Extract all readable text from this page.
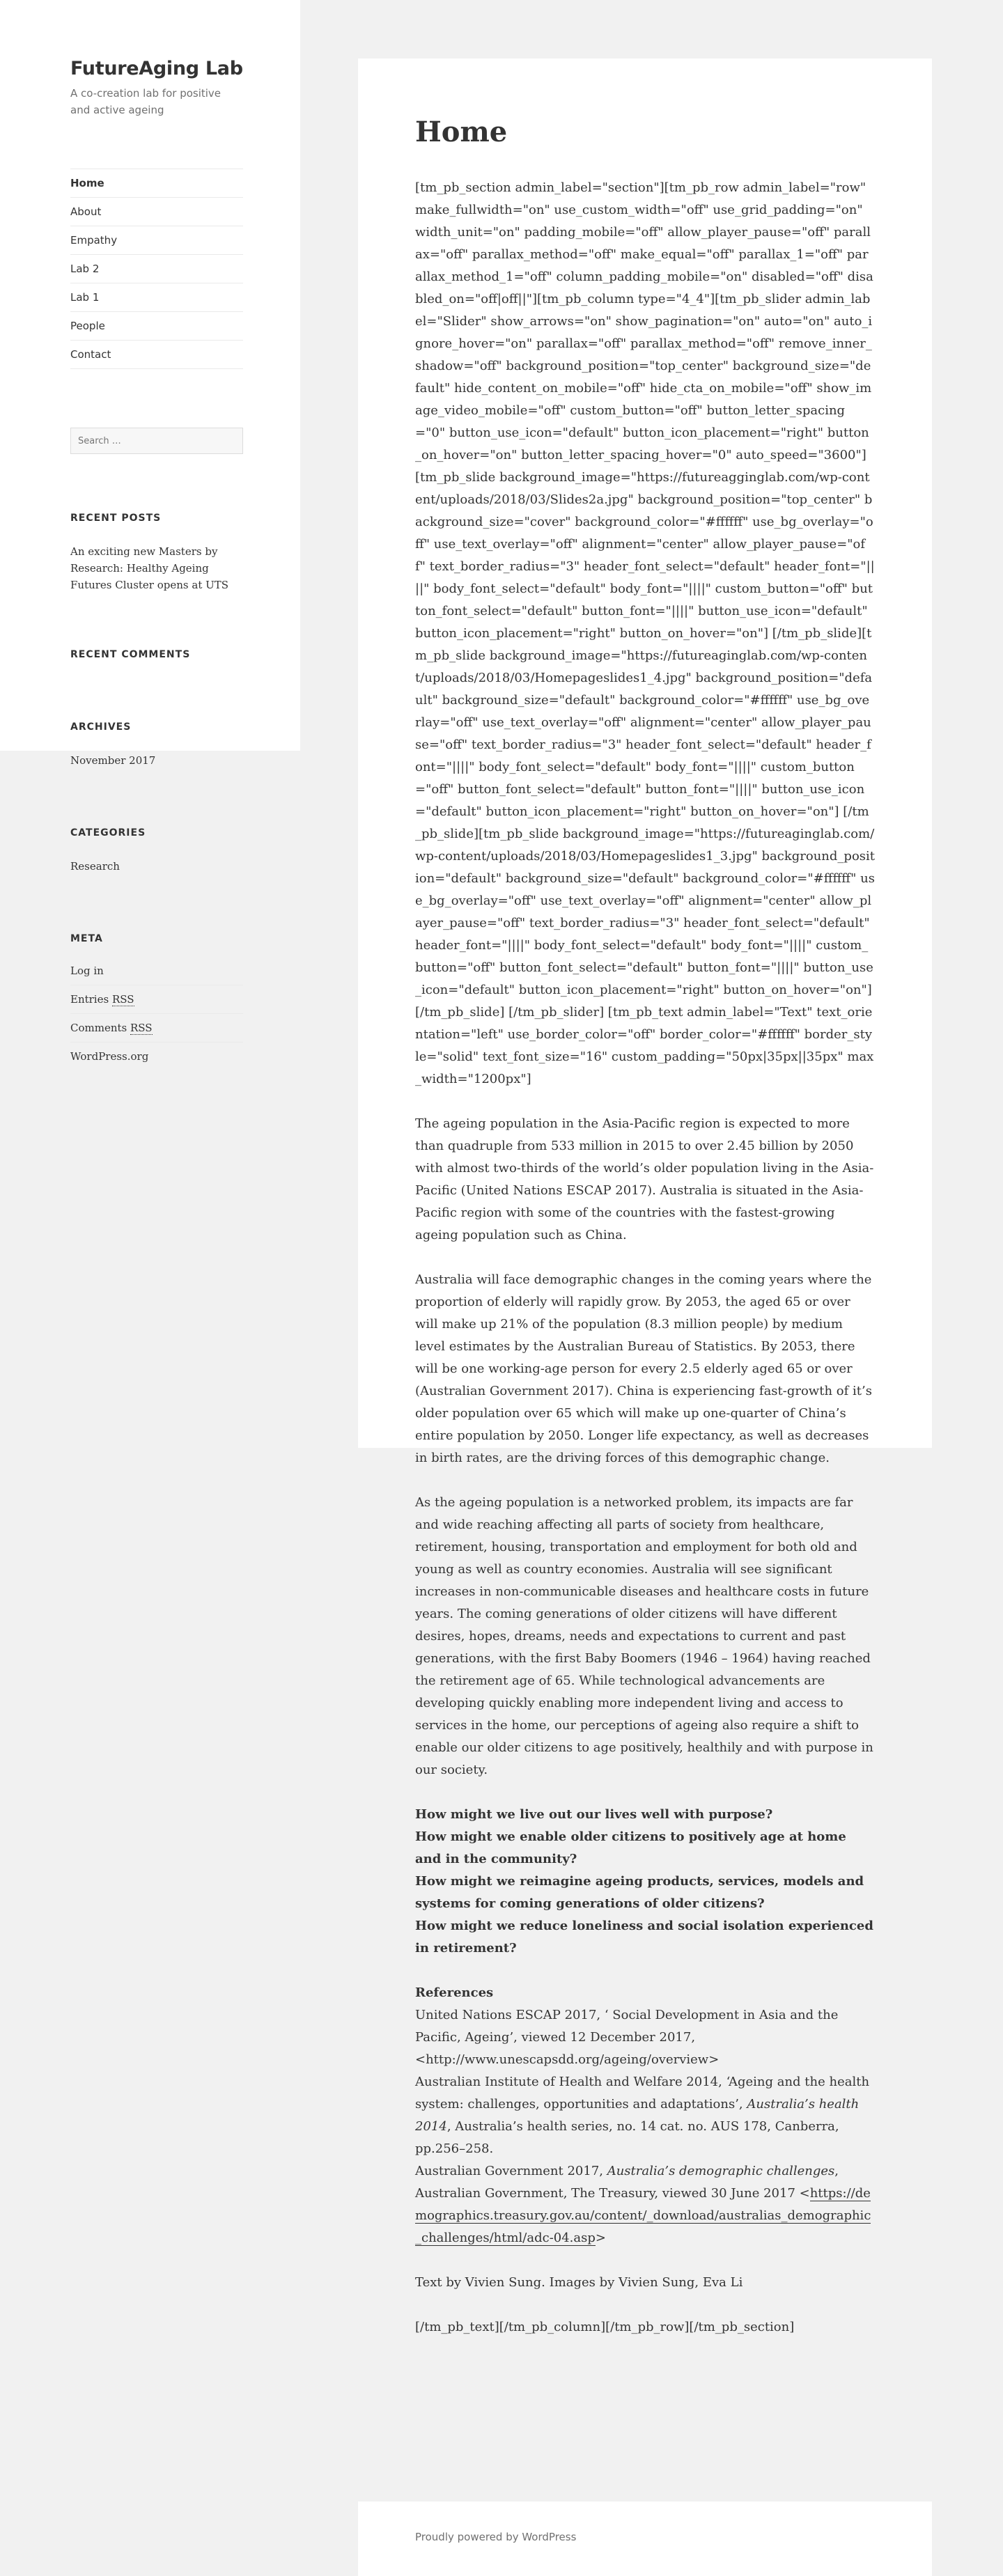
FutureAging Lab
A co-creation lab for positive and active ageing
Home
About
Empathy
Lab 2
Lab 1
People
Contact
Search …
RECENT POSTS
An exciting new Masters by Research: Healthy Ageing Futures Cluster opens at UTS
RECENT COMMENTS
ARCHIVES
November 2017
CATEGORIES
Research
META
Log in
Entries RSS
Comments RSS
WordPress.org
Home

[tm_pb_section admin_label="section"][tm_pb_row admin_label="row" make_fullwidth="on" use_custom_width="off" use_grid_padding="on" width_unit="on" padding_mobile="off" allow_player_pause="off" parallax="off" parallax_method="off" make_equal="off" parallax_1="off" parallax_method_1="off" column_padding_mobile="on" disabled="off" disabled_on="off|off||"][tm_pb_column type="4_4"][tm_pb_slider admin_label="Slider" show_arrows="on" show_pagination="on" auto="on" auto_ignore_hover="on" parallax="off" parallax_method="off" remove_inner_shadow="off" background_position="top_center" background_size="default" hide_content_on_mobile="off" hide_cta_on_mobile="off" show_image_video_mobile="off" custom_button="off" button_letter_spacing="0" button_use_icon="default" button_icon_placement="right" button_on_hover="on" button_letter_spacing_hover="0" auto_speed="3600"] [tm_pb_slide background_image="https://futureagginglab.com/wp-content/uploads/2018/03/Slides2a.jpg" background_position="top_center" background_size="cover" background_color="#ffffff" use_bg_overlay="off" use_text_overlay="off" alignment="center" allow_player_pause="off" text_border_radius="3" header_font_select="default" header_font="||||" body_font_select="default" body_font="||||" custom_button="off" button_font_select="default" button_font="||||" button_use_icon="default" button_icon_placement="right" button_on_hover="on"] [/tm_pb_slide][tm_pb_slide background_image="https://futureaginglab.com/wp-content/uploads/2018/03/Homepageslides1_4.jpg" background_position="default" background_size="default" background_color="#ffffff" use_bg_overlay="off" use_text_overlay="off" alignment="center" allow_player_pause="off" text_border_radius="3" header_font_select="default" header_font="||||" body_font_select="default" body_font="||||" custom_button="off" button_font_select="default" button_font="||||" button_use_icon="default" button_icon_placement="right" button_on_hover="on"] [/tm_pb_slide][tm_pb_slide background_image="https://futureaginglab.com/wp-content/uploads/2018/03/Homepageslides1_3.jpg" background_position="default" background_size="default" background_color="#ffffff" use_bg_overlay="off" use_text_overlay="off" alignment="center" allow_player_pause="off" text_border_radius="3" header_font_select="default" header_font="||||" body_font_select="default" body_font="||||" custom_button="off" button_font_select="default" button_font="||||" button_use_icon="default" button_icon_placement="right" button_on_hover="on"] [/tm_pb_slide] [/tm_pb_slider] [tm_pb_text admin_label="Text" text_orientation="left" use_border_color="off" border_color="#ffffff" border_style="solid" text_font_size="16" custom_padding="50px|35px||35px" max_width="1200px"]

The ageing population in the Asia-Pacific region is expected to more than quadruple from 533 million in 2015 to over 2.45 billion by 2050 with almost two-thirds of the world’s older population living in the Asia-Pacific (United Nations ESCAP 2017). Australia is situated in the Asia-Pacific region with some of the countries with the fastest-growing ageing population such as China.

Australia will face demographic changes in the coming years where the proportion of elderly will rapidly grow. By 2053, the aged 65 or over will make up 21% of the population (8.3 million people) by medium level estimates by the Australian Bureau of Statistics. By 2053, there will be one working-age person for every 2.5 elderly aged 65 or over (Australian Government 2017). China is experiencing fast-growth of it’s older population over 65 which will make up one-quarter of China’s entire population by 2050. Longer life expectancy, as well as decreases in birth rates, are the driving forces of this demographic change.

As the ageing population is a networked problem, its impacts are far and wide reaching affecting all parts of society from healthcare, retirement, housing, transportation and employment for both old and young as well as country economies. Australia will see significant increases in non-communicable diseases and healthcare costs in future years. The coming generations of older citizens will have different desires, hopes, dreams, needs and expectations to current and past generations, with the first Baby Boomers (1946 – 1964) having reached the retirement age of 65. While technological advancements are developing quickly enabling more independent living and access to services in the home, our perceptions of ageing also require a shift to enable our older citizens to age positively, healthily and with purpose in our society.

How might we live out our lives well with purpose?
How might we enable older citizens to positively age at home and in the community?
How might we reimagine ageing products, services, models and systems for coming generations of older citizens?
How might we reduce loneliness and social isolation experienced in retirement?

References
United Nations ESCAP 2017, ‘ Social Development in Asia and the Pacific, Ageing’, viewed 12 December 2017, <http://www.unescapsdd.org/ageing/overview>
Australian Institute of Health and Welfare 2014, ‘Ageing and the health system: challenges, opportunities and adaptations’, Australia’s health 2014, Australia’s health series, no. 14 cat. no. AUS 178, Canberra, pp.256–258.
Australian Government 2017, Australia’s demographic challenges, Australian Government, The Treasury, viewed 30 June 2017 <https://demographics.treasury.gov.au/content/_download/australias_demographic_challenges/html/adc-04.asp>

Text by Vivien Sung. Images by Vivien Sung, Eva Li

[/tm_pb_text][/tm_pb_column][/tm_pb_row][/tm_pb_section]

Proudly powered by WordPress
